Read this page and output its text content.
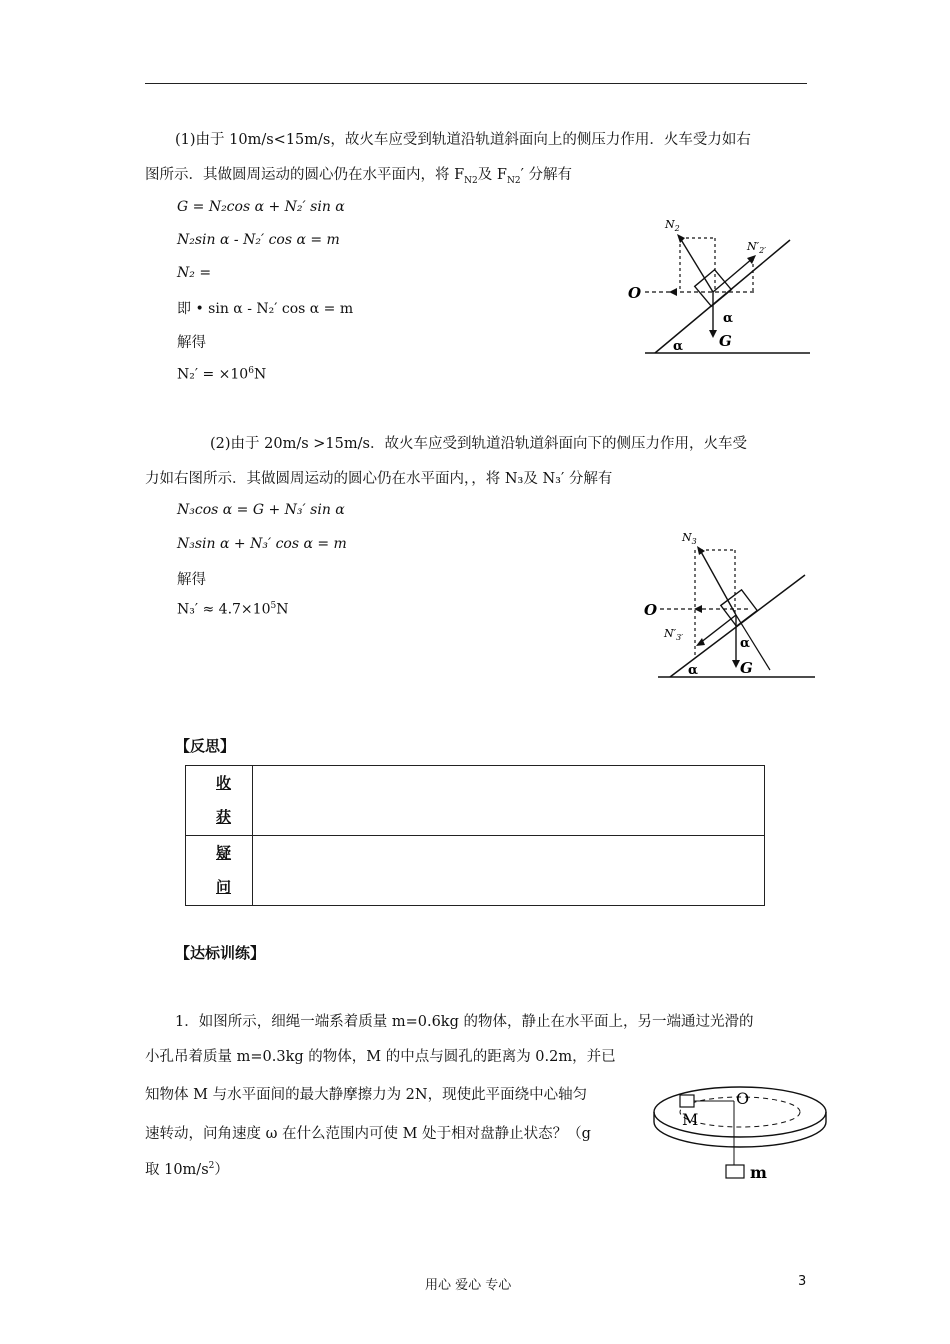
(1)由于 10m/s<15m/s，故火车应受到轨道沿轨道斜面向上的侧压力作用．火车受力如右
图所示．其做圆周运动的圆心仍在水平面内，将 $F_{N2}$及 $F_{N2}'$ 分解有
G = N₂cos α + N₂′ sin α
N₂sin α - N₂′ cos α = m
N₂ =
即 • sin α - N₂′ cos α = m
解得
$N_2' = \times 10^6N$
$N_2$
$N'_{2'}$
O
α
G
α
(2)由于 20m/s >15m/s．故火车应受到轨道沿轨道斜面向下的侧压力作用，火车受
力如右图所示．其做圆周运动的圆心仍在水平面内，，将 N₃及 N₃′ 分解有
N₃cos α = G + N₃′ sin α
N₃sin α + N₃′ cos α = m
解得
$N_3' \approx 4.7\times 10^5N$
$N_3$
$N'_{3'}$
O
α
G
α
【反思】
收
获	

疑
问	

【达标训练】
1．如图所示，细绳一端系着质量 m=0.6kg 的物体，静止在水平面上，另一端通过光滑的
小孔吊着质量 m=0.3kg 的物体，M 的中点与圆孔的距离为 0.2m，并已
知物体 M 与水平面间的最大静摩擦力为 2N，现使此平面绕中心轴匀
速转动，问角速度 ω 在什么范围内可使 M 处于相对盘静止状态？（g
取 $10m/s^2$）
O
M
m
用心 爱心 专心	3
